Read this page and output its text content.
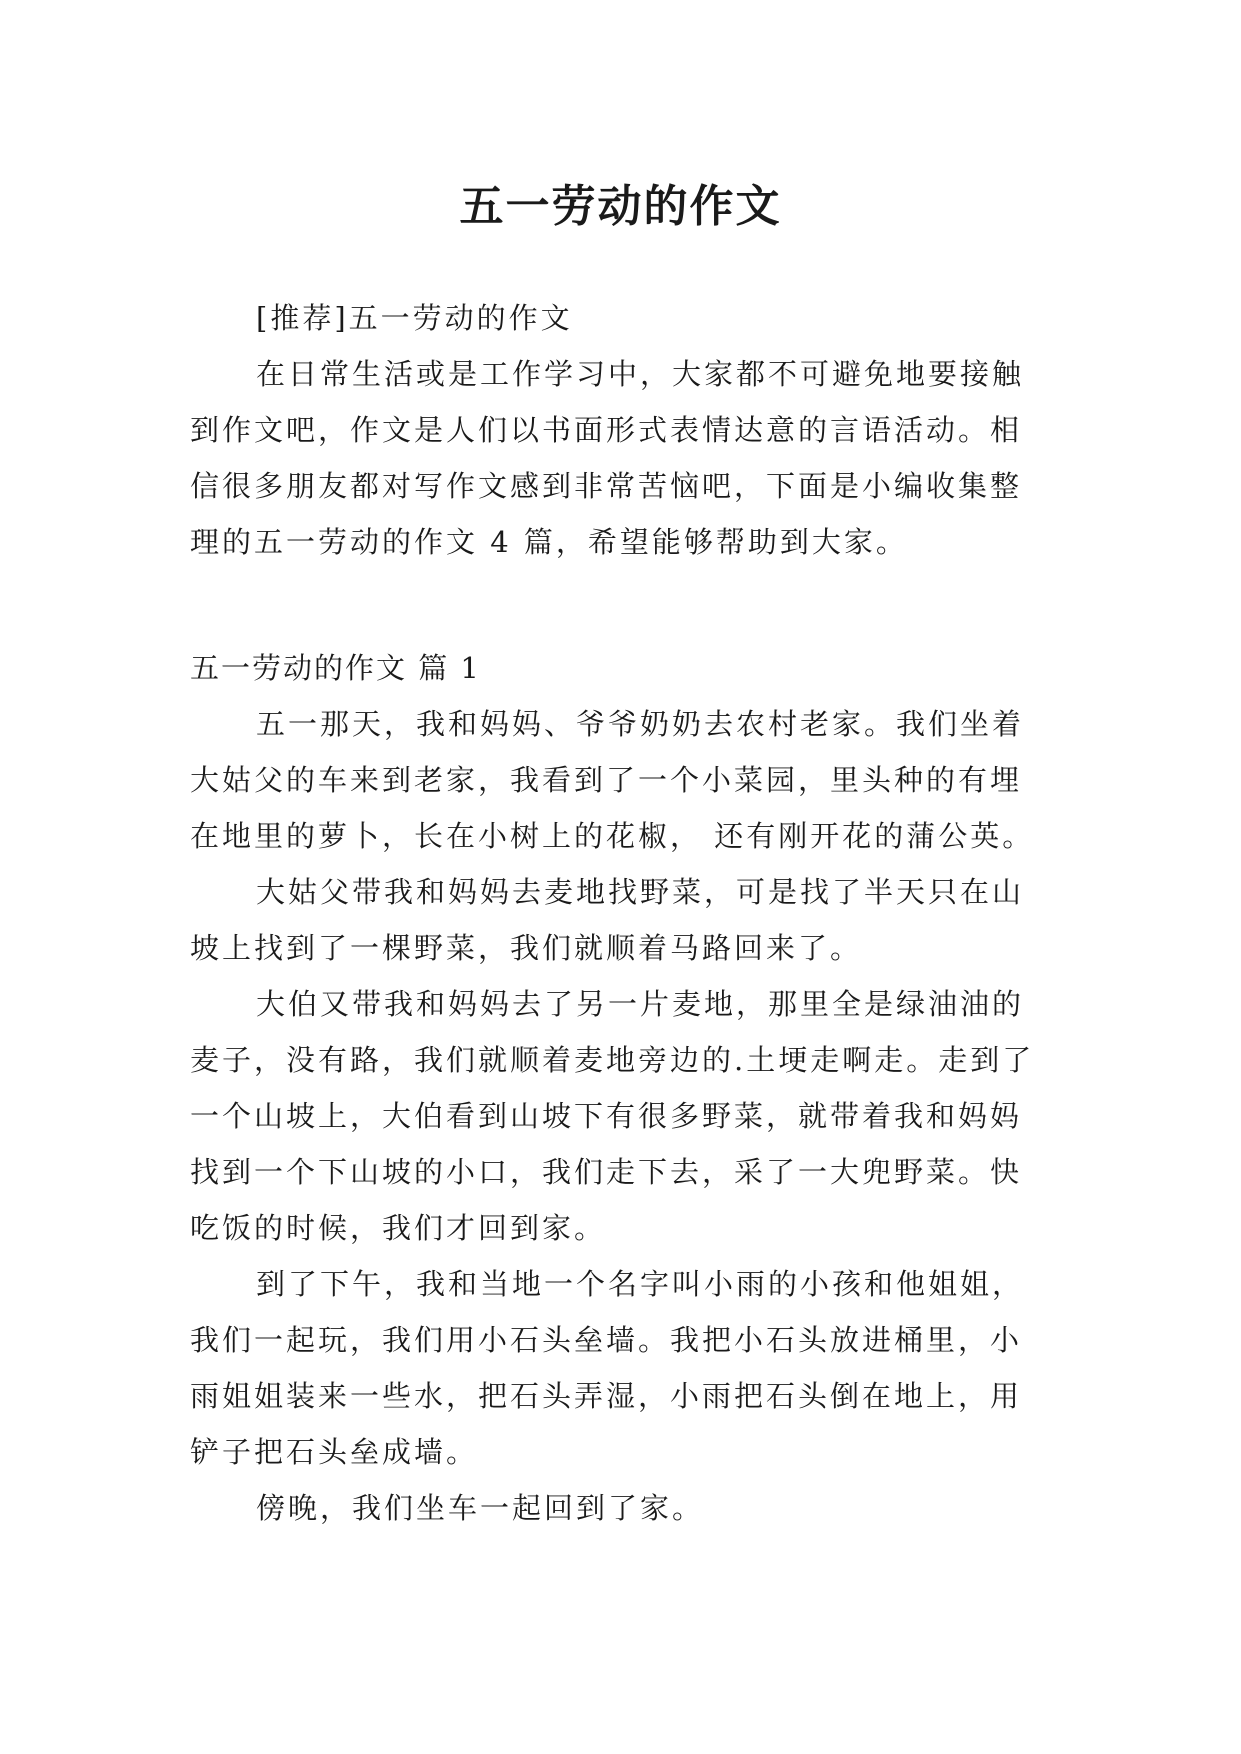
五一劳动的作文

[推荐]五一劳动的作文

在日常生活或是工作学习中，大家都不可避免地要接触到作文吧，作文是人们以书面形式表情达意的言语活动。相信很多朋友都对写作文感到非常苦恼吧，下面是小编收集整理的五一劳动的作文 4 篇，希望能够帮助到大家。

五一劳动的作文 篇 1

五一那天，我和妈妈、爷爷奶奶去农村老家。我们坐着大姑父的车来到老家，我看到了一个小菜园，里头种的有埋在地里的萝卜，长在小树上的花椒， 还有刚开花的蒲公英。

大姑父带我和妈妈去麦地找野菜，可是找了半天只在山坡上找到了一棵野菜，我们就顺着马路回来了。

大伯又带我和妈妈去了另一片麦地，那里全是绿油油的麦子，没有路，我们就顺着麦地旁边的.土埂走啊走。走到了一个山坡上，大伯看到山坡下有很多野菜，就带着我和妈妈找到一个下山坡的小口，我们走下去，采了一大兜野菜。快吃饭的时候，我们才回到家。

到了下午，我和当地一个名字叫小雨的小孩和他姐姐，我们一起玩，我们用小石头垒墙。我把小石头放进桶里，小雨姐姐装来一些水，把石头弄湿，小雨把石头倒在地上，用铲子把石头垒成墙。

傍晚，我们坐车一起回到了家。
